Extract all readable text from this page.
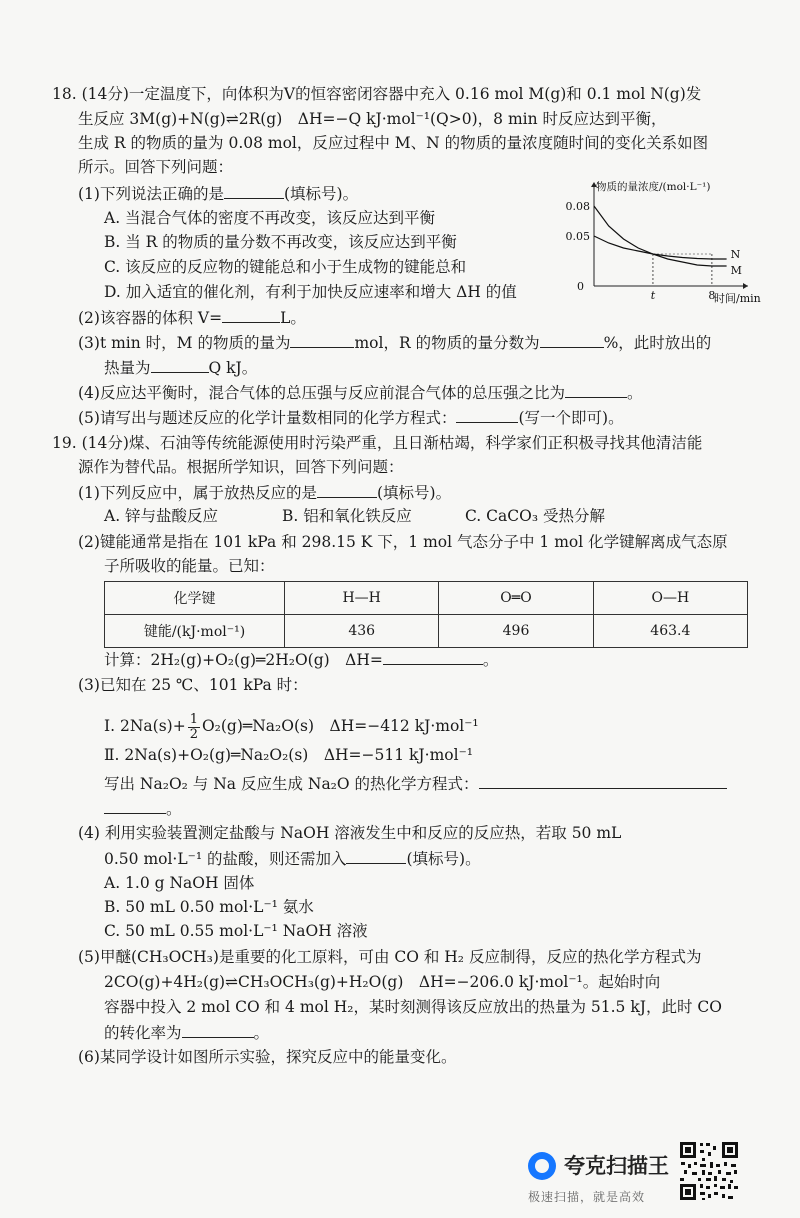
18. (14分)一定温度下，向体积为V的恒容密闭容器中充入 0.16 mol M(g)和 0.1 mol N(g)发
生反应 3M(g)+N(g)⇌2R(g)　ΔH=−Q kJ·mol⁻¹(Q>0)，8 min 时反应达到平衡，
生成 R 的物质的量为 0.08 mol，反应过程中 M、N 的物质的量浓度随时间的变化关系如图
所示。回答下列问题：
(1)下列说法正确的是	(填标号)。
A. 当混合气体的密度不再改变，该反应达到平衡
B. 当 R 的物质的量分数不再改变，该反应达到平衡
C. 该反应的反应物的键能总和小于生成物的键能总和
D. 加入适宜的催化剂，有利于加快反应速率和增大 ΔH 的值
(2)该容器的体积 V=	L。
(3)t min 时，M 的物质的量为	mol，R 的物质的量分数为	%，此时放出的
热量为	Q kJ。
(4)反应达平衡时，混合气体的总压强与反应前混合气体的总压强之比为	。
(5)请写出与题述反应的化学计量数相同的化学方程式：	(写一个即可)。
物质的量浓度/(mol·L⁻¹)
时间/min
0
0.08
0.05
t	8
M
N
19. (14分)煤、石油等传统能源使用时污染严重，且日渐枯竭，科学家们正积极寻找其他清洁能
源作为替代品。根据所学知识，回答下列问题：
(1)下列反应中，属于放热反应的是	(填标号)。
A. 锌与盐酸反应	B. 铝和氧化铁反应	C. CaCO₃ 受热分解
(2)键能通常是指在 101 kPa 和 298.15 K 下，1 mol 气态分子中 1 mol 化学键解离成气态原
子所吸收的能量。已知：
化学键	H—H	O═O	O—H
键能/(kJ·mol⁻¹)	436	496	463.4
计算：2H₂(g)+O₂(g)═2H₂O(g)　ΔH=	。
(3)已知在 25 ℃、101 kPa 时：
Ⅰ. $2Na(s)+ \frac{1}{2}$ O₂(g)═Na₂O(s)　ΔH=−412 kJ·mol⁻¹
Ⅱ. 2Na(s)+O₂(g)═Na₂O₂(s)　ΔH=−511 kJ·mol⁻¹
写出 Na₂O₂ 与 Na 反应生成 Na₂O 的热化学方程式：
。
(4) 利用实验装置测定盐酸与 NaOH 溶液发生中和反应的反应热，若取 50 mL
0.50 mol·L⁻¹ 的盐酸，则还需加入	(填标号)。
A. 1.0 g NaOH 固体
B. 50 mL 0.50 mol·L⁻¹ 氨水
C. 50 mL 0.55 mol·L⁻¹ NaOH 溶液
(5)甲醚(CH₃OCH₃)是重要的化工原料，可由 CO 和 H₂ 反应制得，反应的热化学方程式为
2CO(g)+4H₂(g)⇌CH₃OCH₃(g)+H₂O(g)　ΔH=−206.0 kJ·mol⁻¹。起始时向
容器中投入 2 mol CO 和 4 mol H₂，某时刻测得该反应放出的热量为 51.5 kJ，此时 CO
的转化率为	。
(6)某同学设计如图所示实验，探究反应中的能量变化。
夸克扫描王
极速扫描，就是高效
